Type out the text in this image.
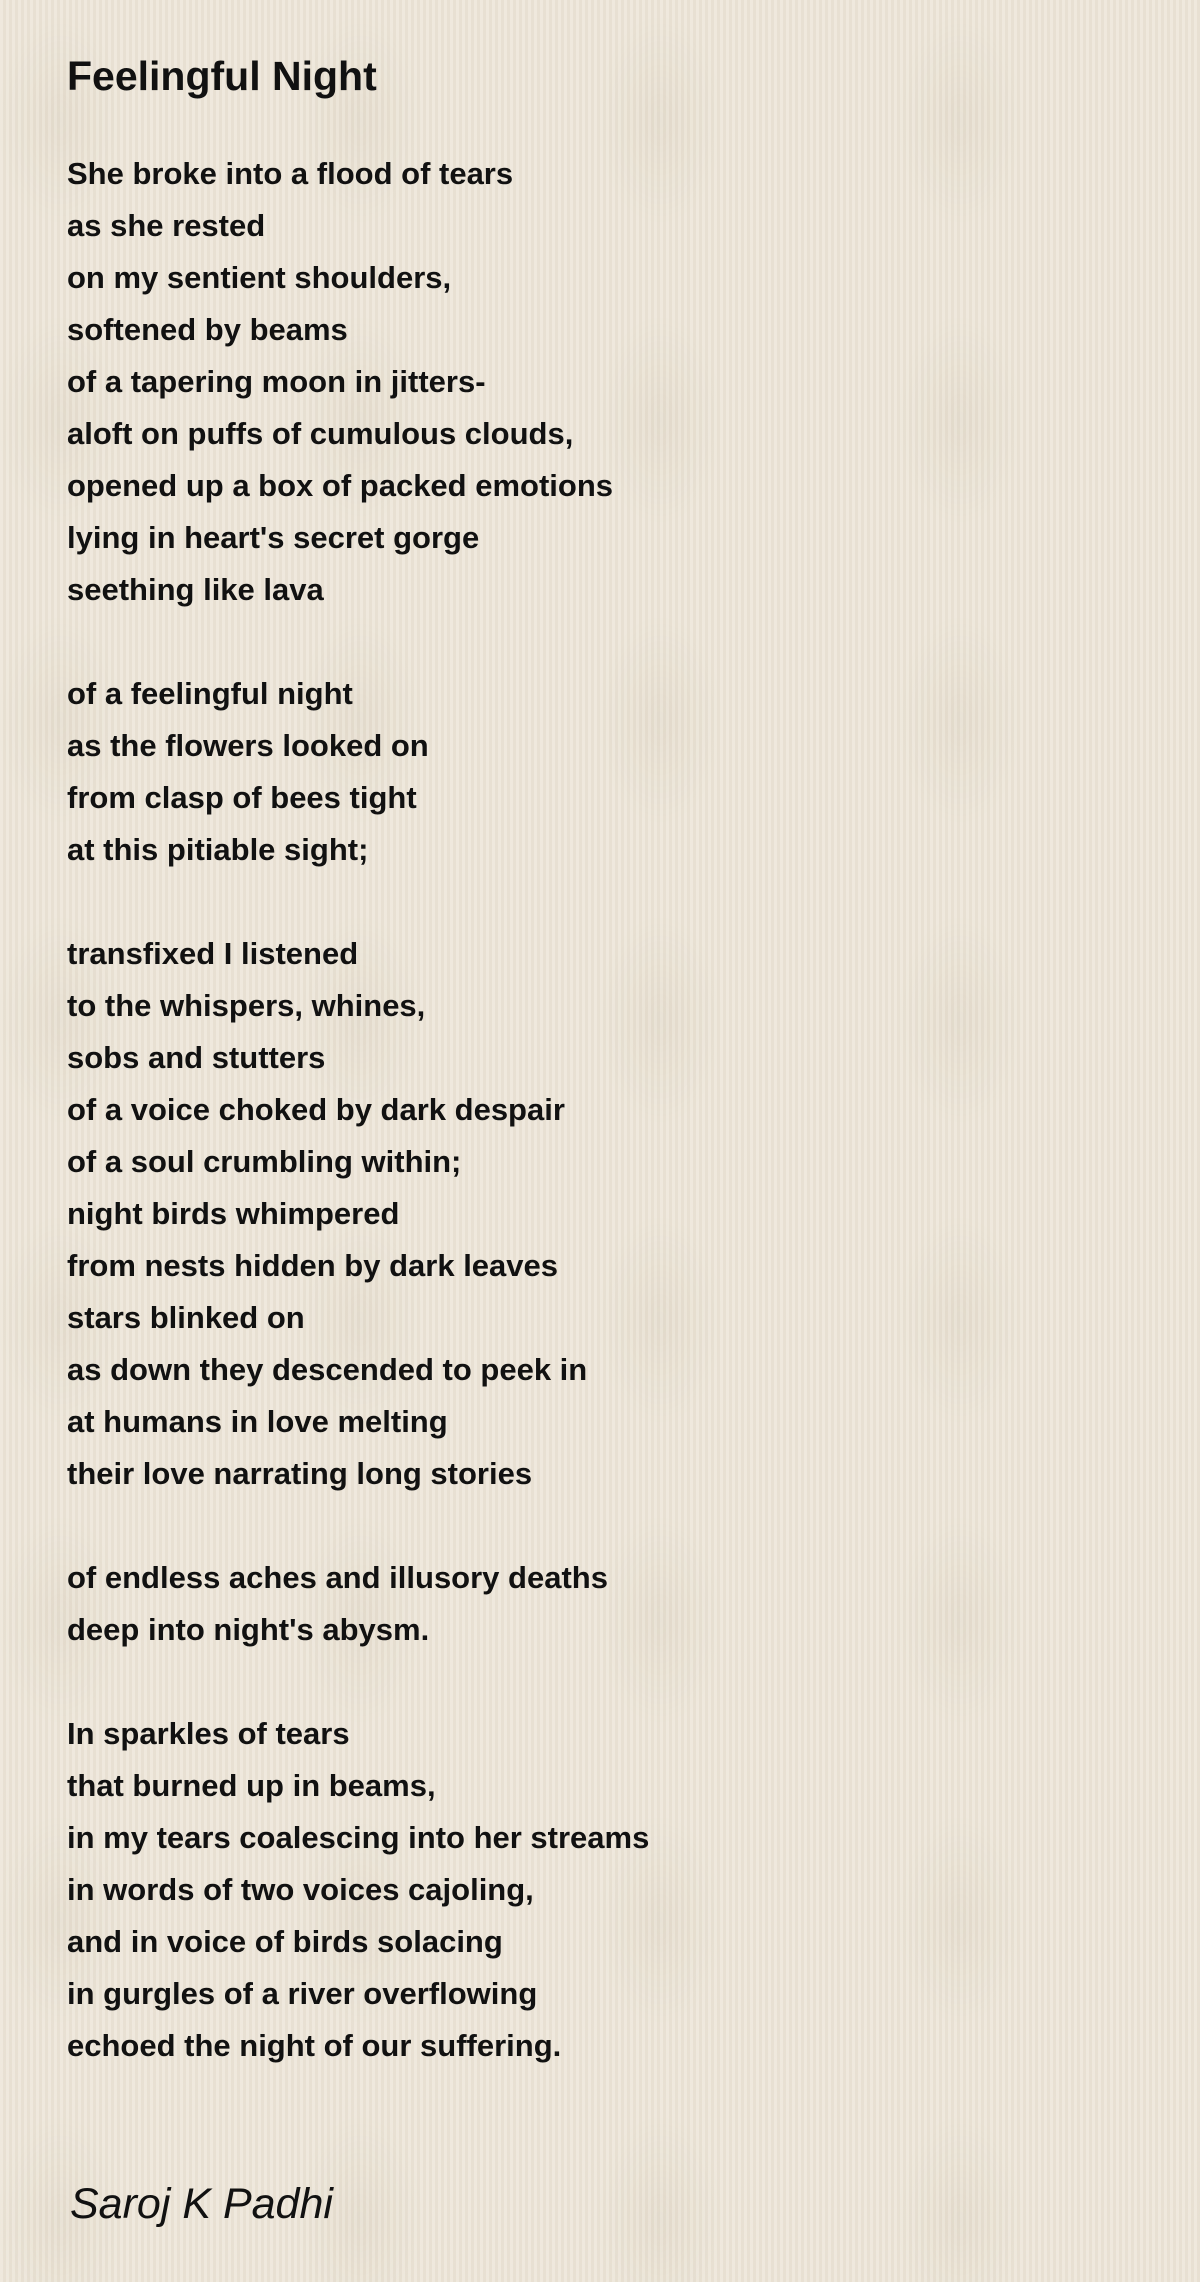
Feelingful Night
She broke into a flood of tears
as she rested
on my sentient shoulders,
softened by beams
of a tapering moon in jitters-
aloft on puffs of cumulous clouds,
opened up a box of packed emotions
lying in heart's secret gorge
seething like lava
of a feelingful night
as the flowers looked on
from clasp of bees tight
at this pitiable sight;
transfixed I listened
to the whispers, whines,
sobs and stutters
of a voice choked by dark despair
of a soul crumbling within;
night birds whimpered
from nests hidden by dark leaves
stars blinked on
as down they descended to peek in
at humans in love melting
their love narrating long stories
of endless aches and illusory deaths
deep into night's abysm.
In sparkles of tears
that burned up in beams,
in my tears coalescing into her streams
in words of two voices cajoling,
and in voice of birds solacing
in gurgles of a river overflowing
echoed the night of our suffering.

Saroj K Padhi
